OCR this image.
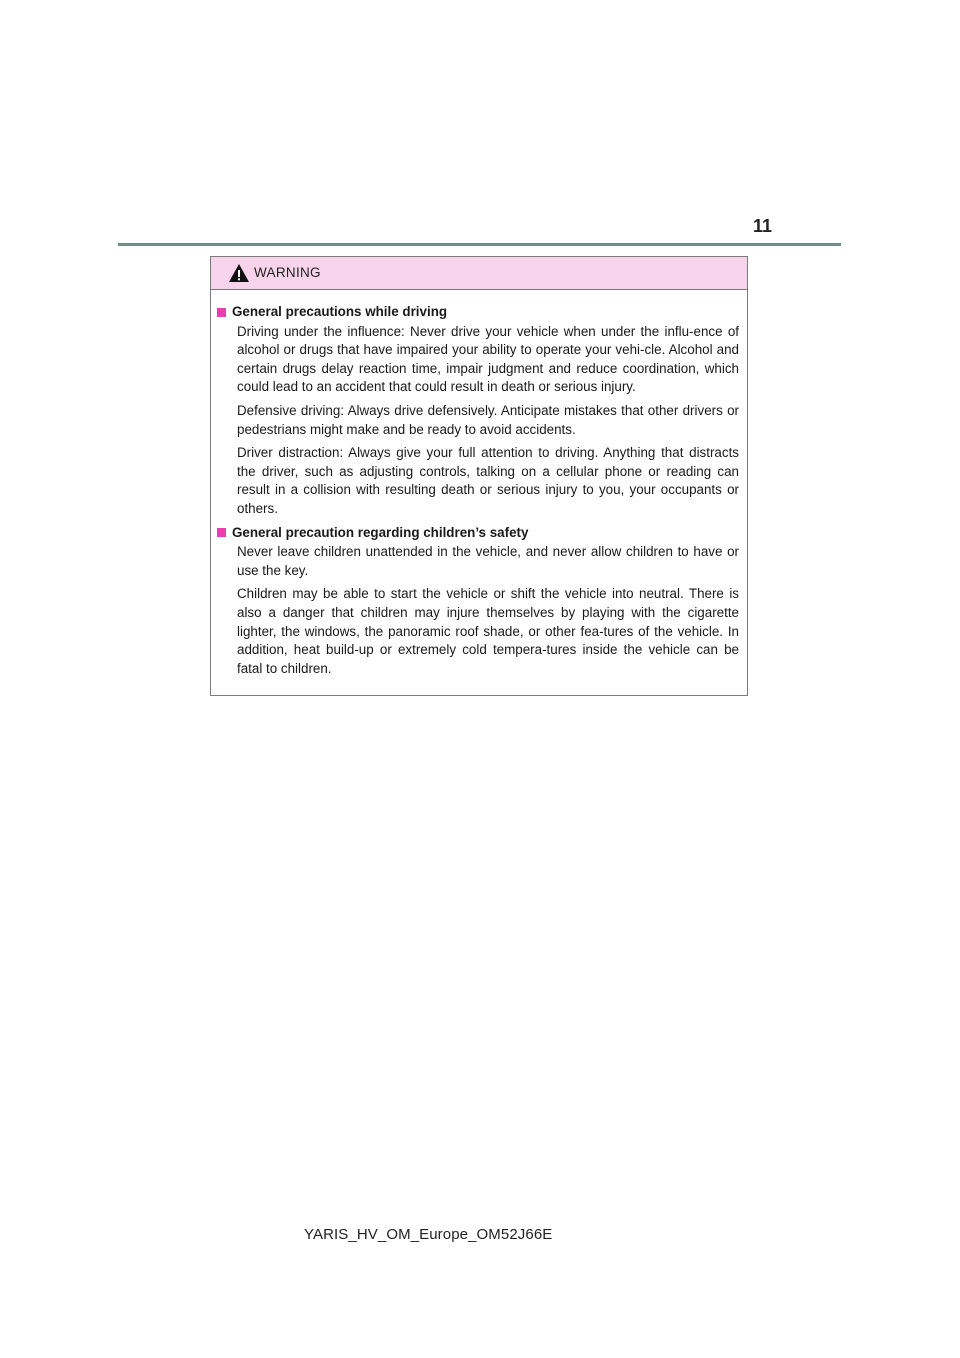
11
WARNING
General precautions while driving

Driving under the influence: Never drive your vehicle when under the influ-ence of alcohol or drugs that have impaired your ability to operate your vehi-cle. Alcohol and certain drugs delay reaction time, impair judgment and reduce coordination, which could lead to an accident that could result in death or serious injury.

Defensive driving: Always drive defensively. Anticipate mistakes that other drivers or pedestrians might make and be ready to avoid accidents.

Driver distraction: Always give your full attention to driving. Anything that distracts the driver, such as adjusting controls, talking on a cellular phone or reading can result in a collision with resulting death or serious injury to you, your occupants or others.

General precaution regarding children’s safety

Never leave children unattended in the vehicle, and never allow children to have or use the key.

Children may be able to start the vehicle or shift the vehicle into neutral. There is also a danger that children may injure themselves by playing with the cigarette lighter, the windows, the panoramic roof shade, or other fea-tures of the vehicle. In addition, heat build-up or extremely cold tempera-tures inside the vehicle can be fatal to children.

YARIS_HV_OM_Europe_OM52J66E
